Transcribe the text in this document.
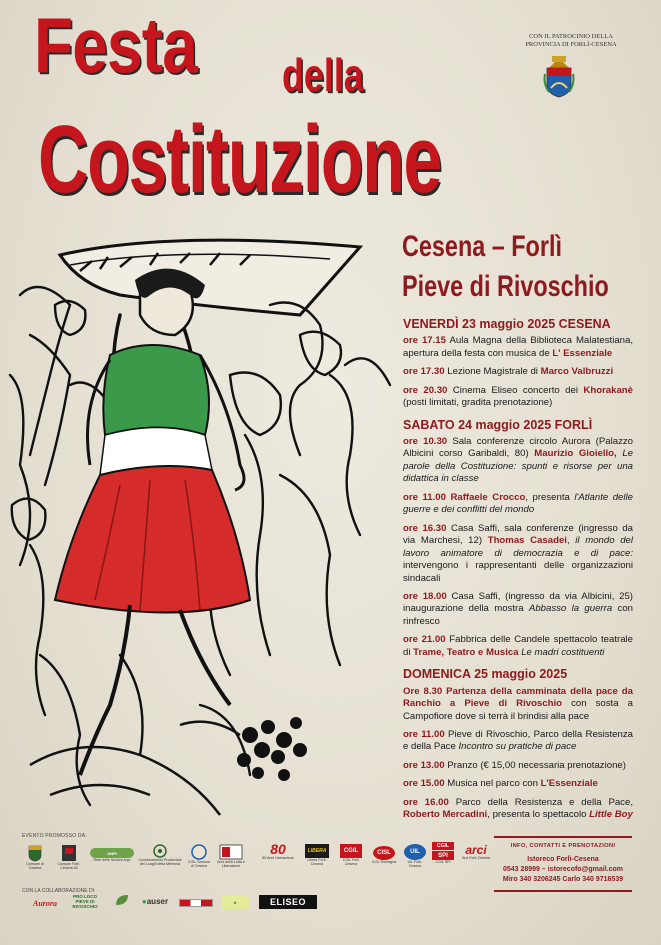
Festa della
Costituzione
CON IL PATROCINIO DELLA
PROVINCIA DI FORLÌ-CESENA
Cesena – Forlì
Pieve di Rivoschio
VENERDÌ 23 maggio 2025 CESENA
ore 17.15 Aula Magna della Biblioteca Malatestiana, apertura della festa con musica de L' Essenziale
ore 17.30 Lezione Magistrale di Marco Valbruzzi
ore 20.30 Cinema Eliseo concerto dei Khorakanè (posti limitati, gradita prenotazione)
SABATO 24 maggio 2025 FORLÌ
ore 10.30 Sala conferenze circolo Aurora (Palazzo Albicini corso Garibaldi, 80) Maurizio Gioiello, Le parole della Costituzione: spunti e risorse per una didattica in classe
ore 11.00 Raffaele Crocco, presenta l'Atlante delle guerre e dei conflitti del mondo
ore 16.30 Casa Saffi, sala conferenze (ingresso da via Marchesi, 12) Thomas Casadei, il mondo del lavoro animatore di democrazia e di pace: intervengono i rappresentanti delle organizzazioni sindacali
ore 18.00 Casa Saffi, (ingresso da via Albicini, 25) inaugurazione della mostra Abbasso la guerra con rinfresco
ore 21.00 Fabbrica delle Candele spettacolo teatrale di Trame, Teatro e Musica Le madri costituenti
DOMENICA 25 maggio 2025
Ore 8.30 Partenza della camminata della pace da Ranchio a Pieve di Rivoschio con sosta a Campofiore dove si terrà il brindisi alla pace
ore 11.00 Pieve di Rivoschio, Parco della Resistenza e della Pace Incontro su pratiche di pace
ore 13.00 Pranzo (€ 15,00 necessaria prenotazione)
ore 15.00 Musica nel parco con L'Essenziale
ore 16.00 Parco della Resistenza e della Pace, Roberto Mercadini, presenta lo spettacolo Little Boy
EVENTO PROMOSSO DA:
Comune di Cesena
Comune Forlì-Cesena 45
ANPI
Rete delle Sezioni Anpi	Coordinamento Provinciale dei Luoghi della Memoria	CGIL Sezione di Cesena
Anni della Lotta e Liberazione
80
80 Anni Liberazione
LIBERA
Libera Forlì-Cesena
CGIL
CGIL Forlì Cesena
CISL
CISL Romagna
UIL
UIL Forlì-Cesena
CGIL
SPI
CGIL SPI
arci
Arci Forlì-Cesena
CON LA COLLABORAZIONE DI:
Aurora
PRO LOCO PIEVE DI RIVOSCHIO
● auser	♣	ELISEO
INFO, CONTATTI E PRENOTAZIONI
Istoreco Forlì-Cesena
0543 28999 – istorecofo@gmail.com
Miro 340 3206245 Carlo 340 9716539
